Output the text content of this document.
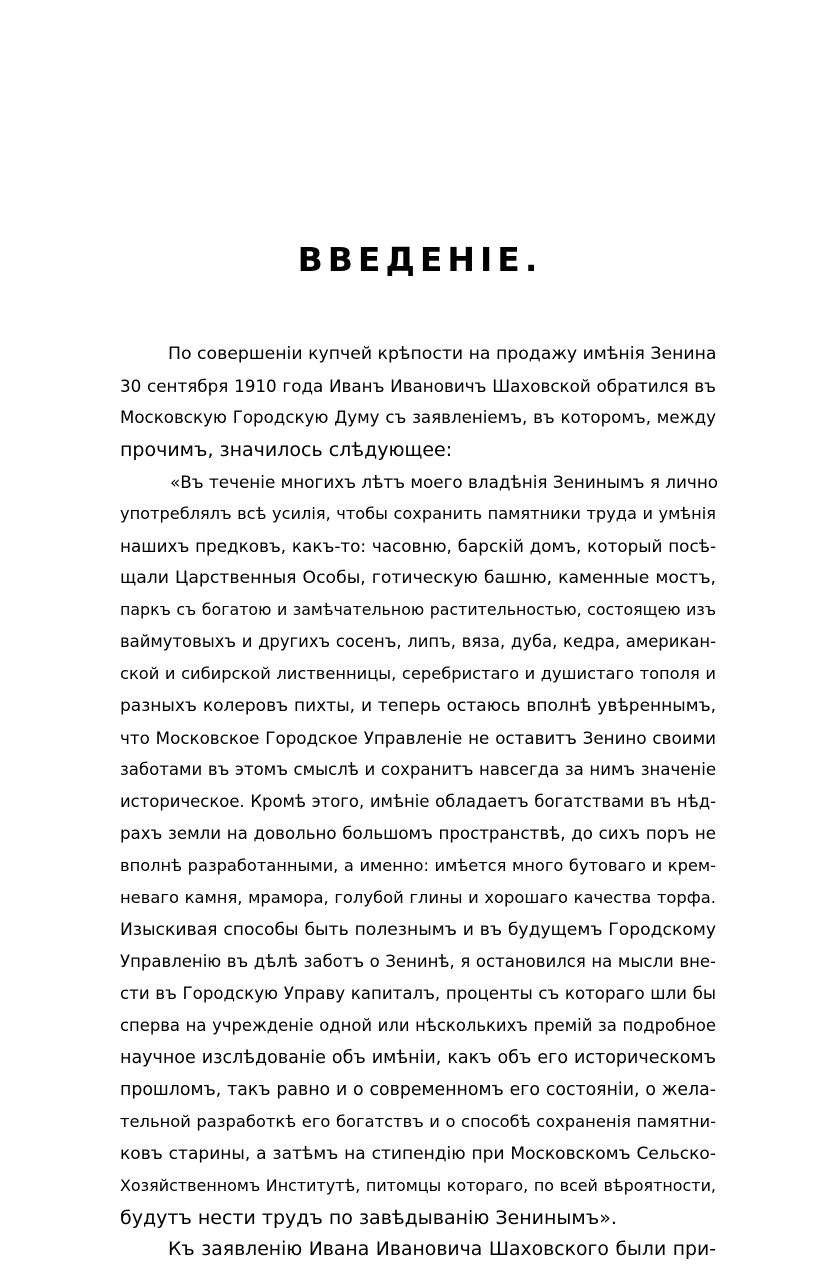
ВВЕДЕНIЕ.
По совершенiи купчей крѣпости на продажу имѣнiя Зенина
30 сентября 1910 года Иванъ Ивановичъ Шаховской обратился въ
Московскую Городскую Думу съ заявленiемъ, въ которомъ, между
прочимъ, значилось слѣдующее:
«Въ теченiе многихъ лѣтъ моего владѣнiя Зенинымъ я лично
употреблялъ всѣ усилiя, чтобы сохранить памятники труда и умѣнiя
нашихъ предковъ, какъ-то: часовню, барскiй домъ, который посѣ-
щали Царственныя Особы, готическую башню, каменные мостъ,
паркъ съ богатою и замѣчательною растительностью, состоящею изъ
ваймутовыхъ и другихъ сосенъ, липъ, вяза, дуба, кедра, американ-
ской и сибирской лиственницы, серебристаго и душистаго тополя и
разныхъ колеровъ пихты, и теперь остаюсь вполнѣ увѣреннымъ,
что Московское Городское Управленiе не оставитъ Зенино своими
заботами въ этомъ смыслѣ и сохранитъ навсегда за нимъ значенiе
историческое. Кромѣ этого, имѣнiе обладаетъ богатствами въ нѣд-
рахъ земли на довольно большомъ пространствѣ, до сихъ поръ не
вполнѣ разработанными, а именно: имѣется много бутоваго и крем-
неваго камня, мрамора, голубой глины и хорошаго качества торфа.
Изыскивая способы быть полезнымъ и въ будущемъ Городскому
Управленiю въ дѣлѣ заботъ о Зенинѣ, я остановился на мысли вне-
сти въ Городскую Управу капиталъ, проценты съ котораго шли бы
сперва на учрежденiе одной или нѣсколькихъ премiй за подробное
научное изслѣдованiе объ имѣнiи, какъ объ его историческомъ
прошломъ, такъ равно и о современномъ его состоянiи, о жела-
тельной разработкѣ его богатствъ и о способѣ сохраненiя памятни-
ковъ старины, а затѣмъ на стипендiю при Московскомъ Сельско-
Хозяйственномъ Институтѣ, питомцы котораго, по всей вѣроятности,
будутъ нести трудъ по завѣдыванiю Зенинымъ».
Къ заявленiю Ивана Ивановича Шаховского были при-
